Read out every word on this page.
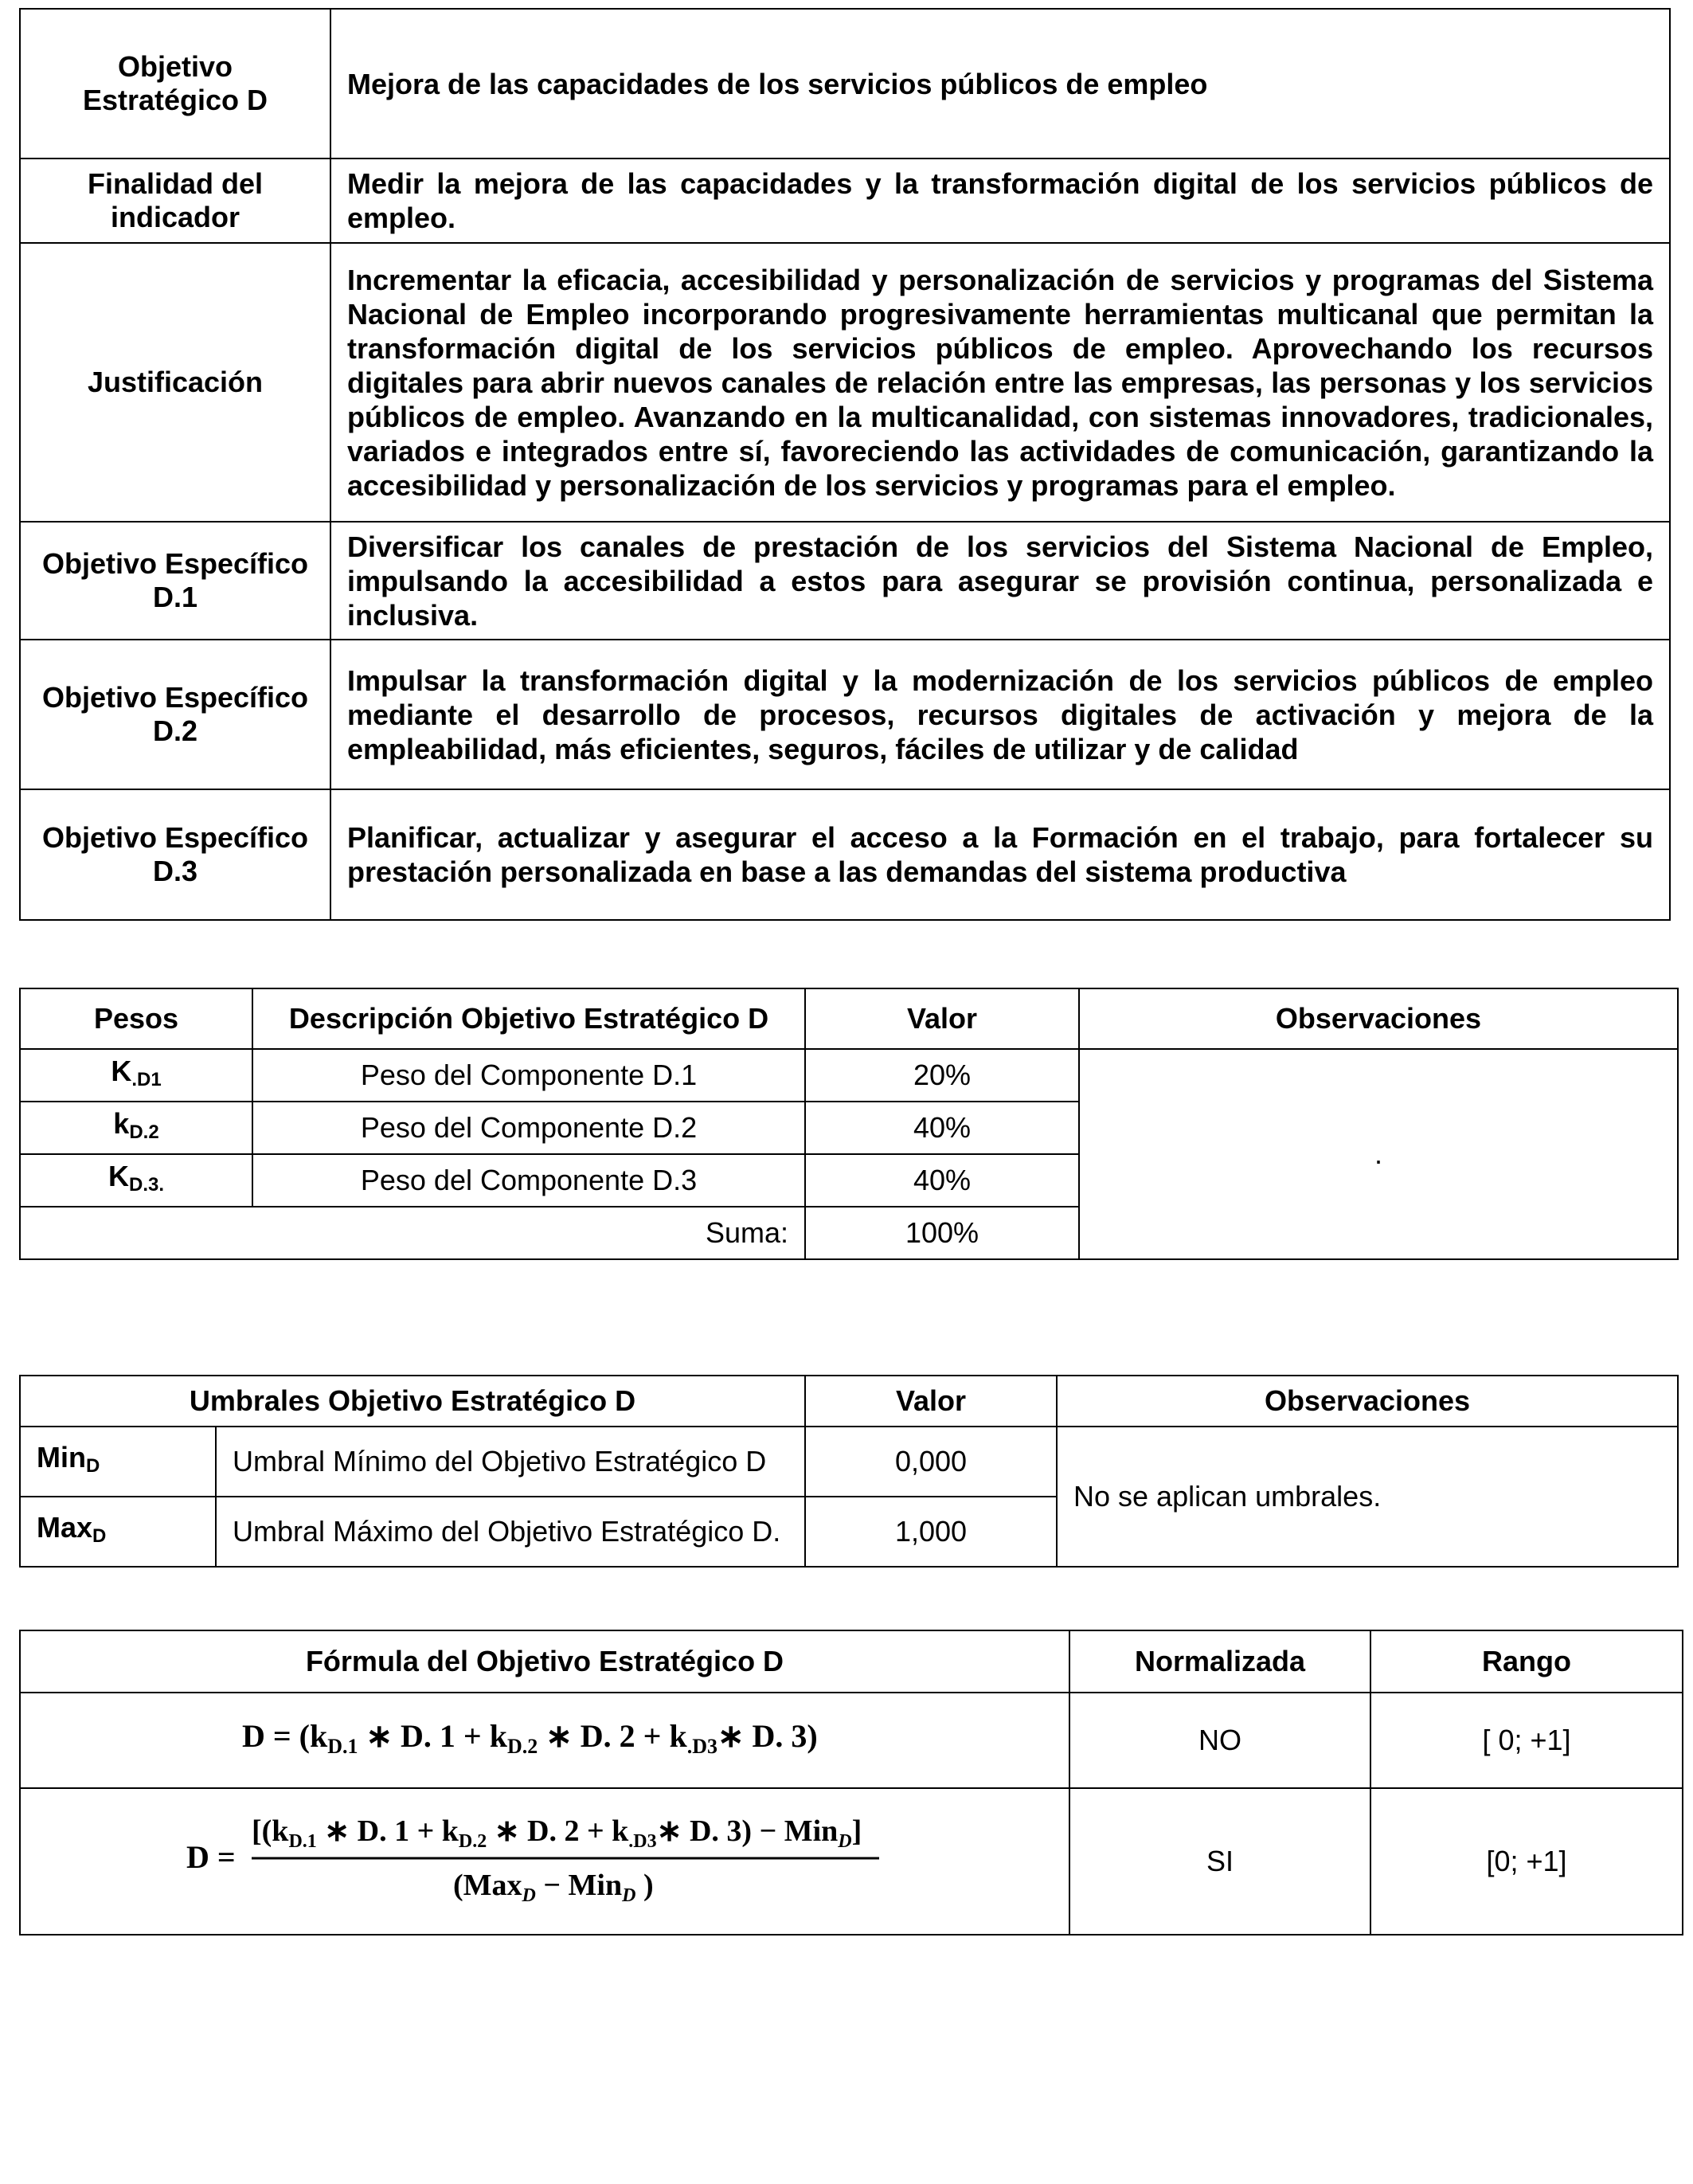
Objetivo Estratégico D	Mejora de las capacidades de los servicios públicos de empleo
Finalidad del indicador	Medir la mejora de las capacidades y la transformación digital de los servicios públicos de empleo.
Justificación	Incrementar la eficacia, accesibilidad y personalización de servicios y programas del Sistema Nacional de Empleo incorporando progresivamente herramientas multicanal que permitan la transformación digital de los servicios públicos de empleo. Aprovechando los recursos digitales para abrir nuevos canales de relación entre las empresas, las personas y los servicios públicos de empleo. Avanzando en la multicanalidad, con sistemas innovadores, tradicionales, variados e integrados entre sí, favoreciendo las actividades de comunicación, garantizando la accesibilidad y personalización de los servicios y programas para el empleo.
Objetivo Específico D.1	Diversificar los canales de prestación de los servicios del Sistema Nacional de Empleo, impulsando la accesibilidad a estos para asegurar se provisión continua, personalizada e inclusiva.
Objetivo Específico D.2	Impulsar la transformación digital y la modernización de los servicios públicos de empleo mediante el desarrollo de procesos, recursos digitales de activación y mejora de la empleabilidad, más eficientes, seguros, fáciles de utilizar y de calidad
Objetivo Específico D.3	Planificar, actualizar y asegurar el acceso a la Formación en el trabajo, para fortalecer su prestación personalizada en base a las demandas del sistema productiva
Pesos	Descripción Objetivo Estratégico D	Valor	Observaciones
$K_{.D1}$	Peso del Componente D.1	20%	.
$k_{D.2}$	Peso del Componente D.2	40%	
$K_{D.3.}$	Peso del Componente D.3	40%	
Suma:		100%	
Umbrales Objetivo Estratégico D		Valor	Observaciones
Min$_D$	Umbral Mínimo del Objetivo Estratégico D	0,000	No se aplican umbrales.
Max$_D$	Umbral Máximo del Objetivo Estratégico D.	1,000	
Fórmula del Objetivo Estratégico D	Normalizada	Rango

$D = (k_{D.1}$ ∗ D. $1 + k_{D.2}$ ∗ D. $2 + k_{.D3}∗$ D. 3)	NO	[ 0; +1]

D =
[($k_{D.1}$ ∗ D. $1 + k_{D.2}$ ∗ D. $2 + k_{.D3}∗$ D. 3) − Min$_D$]
(Max$_D$ − Min$_D$ )	SI	[0; +1]
